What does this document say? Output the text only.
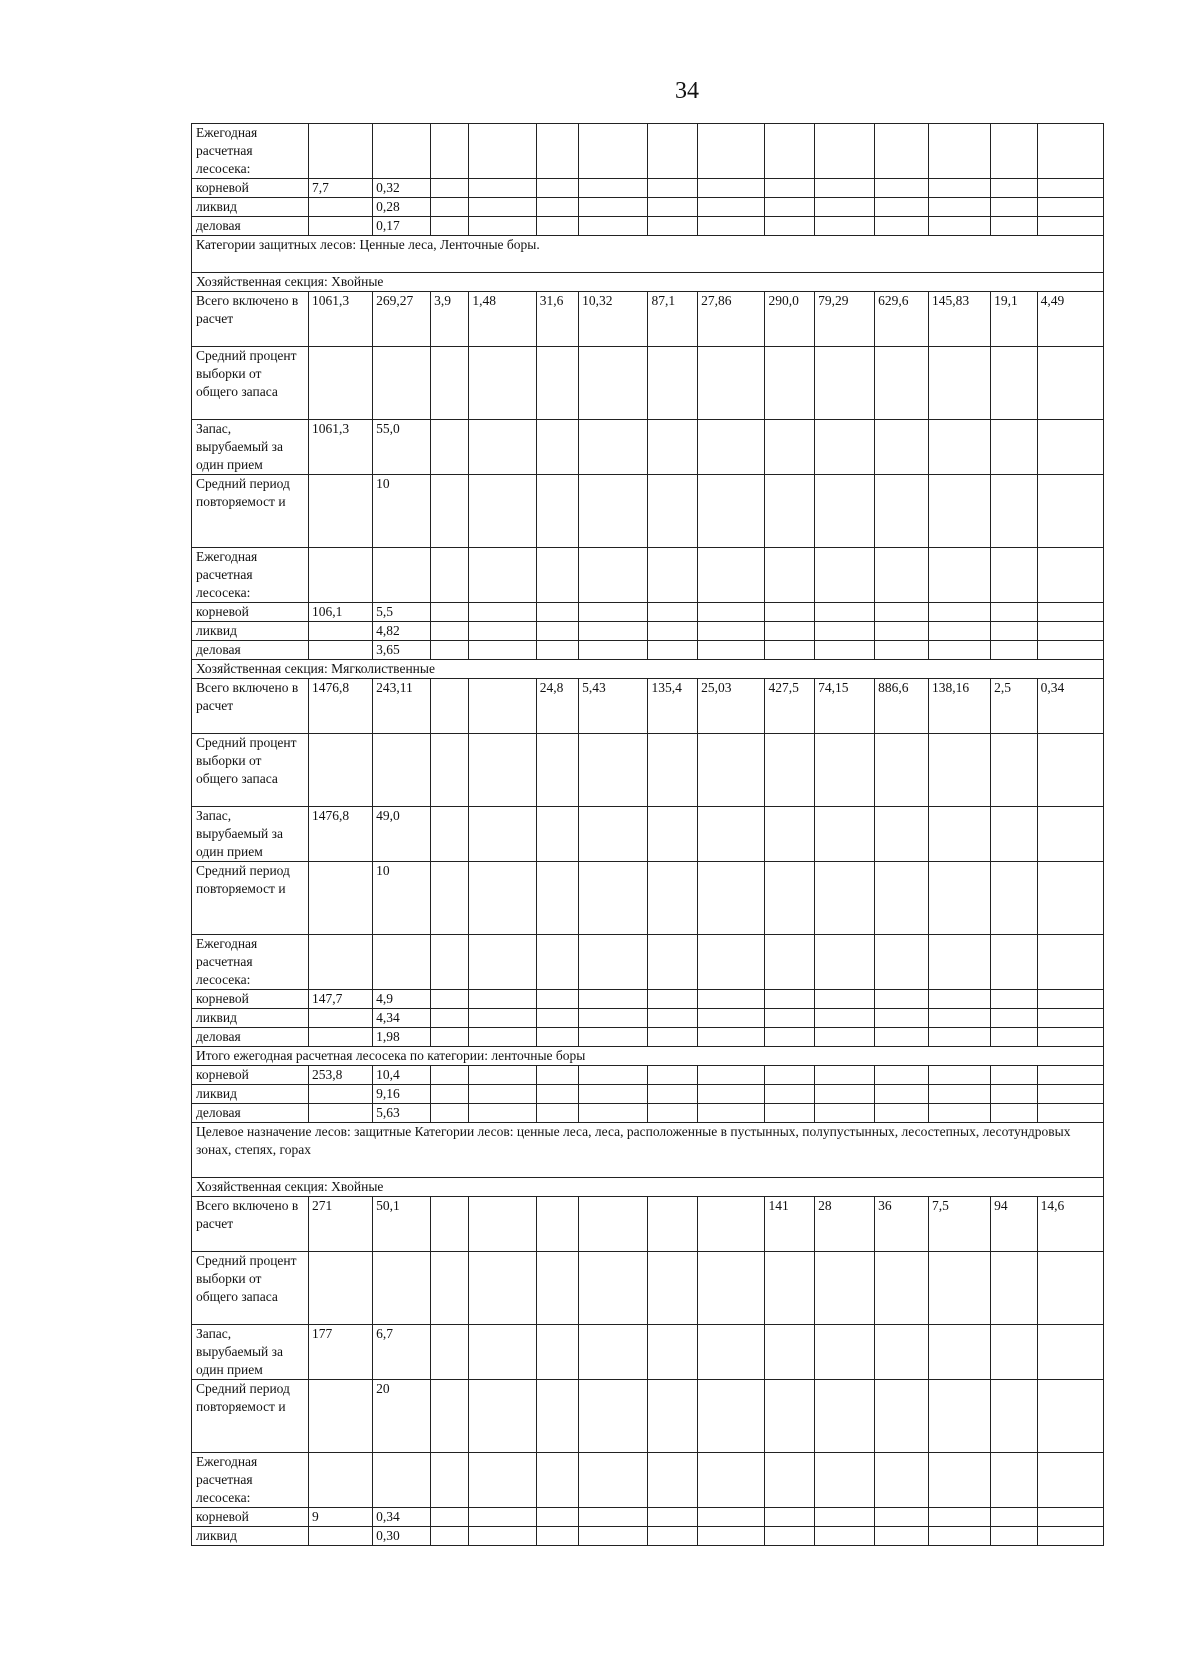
34
Ежегодная расчетная лесосека:														
корневой	7,7	0,32												
ликвид		0,28												
деловая		0,17												
Категории защитных лесов: Ценные леса, Ленточные боры.														
Хозяйственная секция: Хвойные														
Всего включено в расчет	1061,3	269,27	3,9	1,48	31,6	10,32	87,1	27,86	290,0	79,29	629,6	145,83	19,1	4,49
Средний процент выборки от общего запаса														
Запас, вырубаемый за один прием	1061,3	55,0												
Средний период повторяемост и		10												
Ежегодная расчетная лесосека:														
корневой	106,1	5,5												
ликвид		4,82												
деловая		3,65												
Хозяйственная секция: Мягколиственные														
Всего включено в расчет	1476,8	243,11			24,8	5,43	135,4	25,03	427,5	74,15	886,6	138,16	2,5	0,34
Средний процент выборки от общего запаса														
Запас, вырубаемый за один прием	1476,8	49,0												
Средний период повторяемост и		10												
Ежегодная расчетная лесосека:														
корневой	147,7	4,9												
ликвид		4,34												
деловая		1,98												
Итого ежегодная расчетная лесосека по категории: ленточные боры														
корневой	253,8	10,4												
ликвид		9,16												
деловая		5,63												
Целевое назначение лесов: защитные Категории лесов: ценные леса, леса, расположенные в пустынных, полупустынных, лесостепных, лесотундровых зонах, степях, горах														
Хозяйственная секция: Хвойные														
Всего включено в расчет	271	50,1							141	28	36	7,5	94	14,6
Средний процент выборки от общего запаса														
Запас, вырубаемый за один прием	177	6,7												
Средний период повторяемост и		20												
Ежегодная расчетная лесосека:														
корневой	9	0,34												
ликвид		0,30												
